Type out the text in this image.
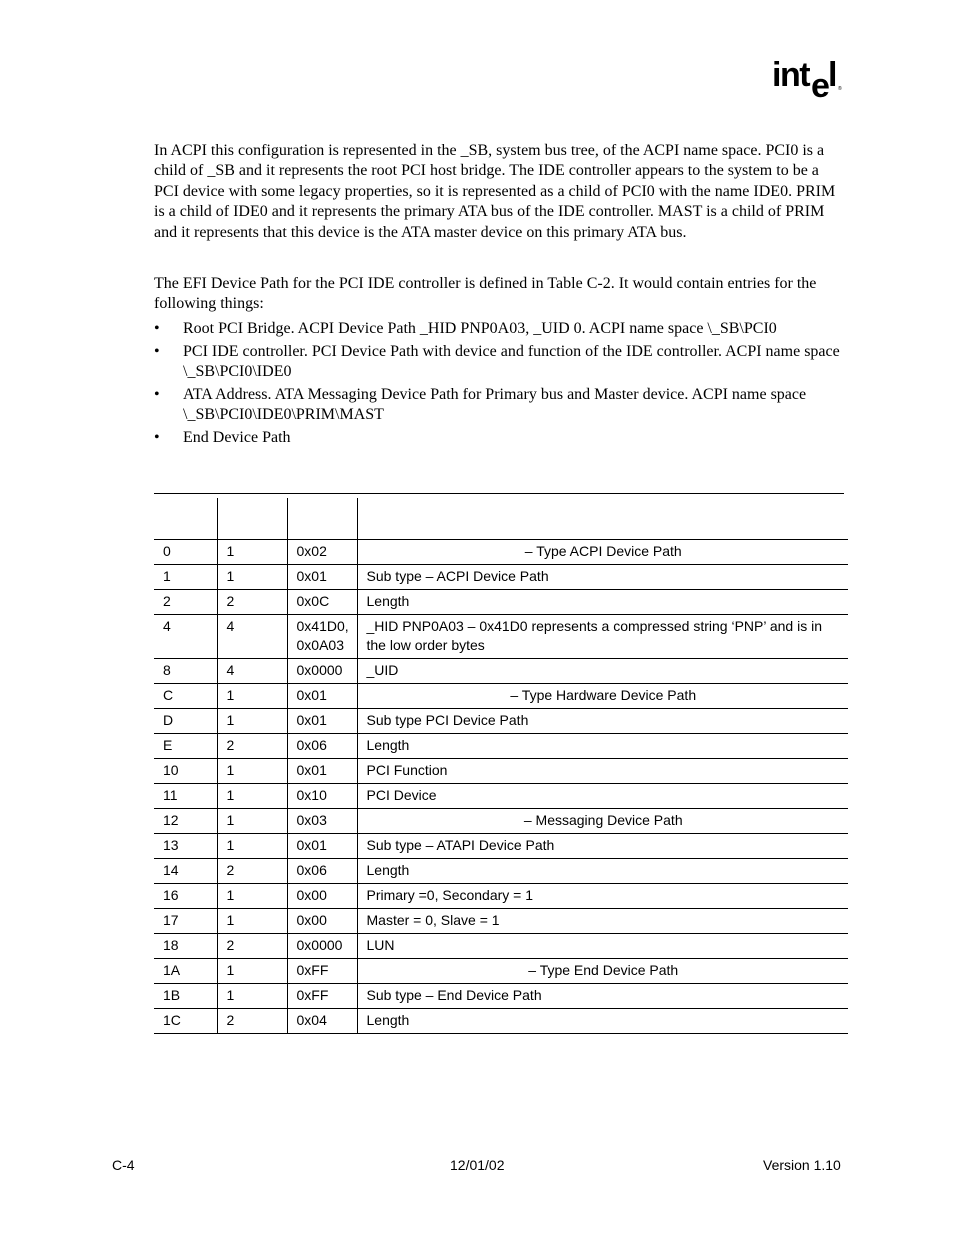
int e
l ®

In ACPI this configuration is represented in the _SB, system bus tree, of the ACPI name space. PCI0 is a child of _SB and it represents the root PCI host bridge. The IDE controller appears to the system to be a PCI device with some legacy properties, so it is represented as a child of PCI0 with the name IDE0. PRIM is a child of IDE0 and it represents the primary ATA bus of the IDE controller. MAST is a child of PRIM and it represents that this device is the ATA master device on this primary ATA bus.

The EFI Device Path for the PCI IDE controller is defined in Table C-2. It would contain entries for the following things:

• Root PCI Bridge. ACPI Device Path _HID PNP0A03, _UID 0. ACPI name space \_SB\PCI0
• PCI IDE controller. PCI Device Path with device and function of the IDE controller. ACPI name space \_SB\PCI0\IDE0
• ATA Address. ATA Messaging Device Path for Primary bus and Master device. ACPI name space \_SB\PCI0\IDE0\PRIM\MAST
• End Device Path

0	1	0x02	– Type ACPI Device Path
1	1	0x01	Sub type – ACPI Device Path
2	2	0x0C	Length
4	4	0x41D0, 0x0A03	_HID PNP0A03 – 0x41D0 represents a compressed string ‘PNP’ and is in the low order bytes
8	4	0x0000	_UID
C	1	0x01	– Type Hardware Device Path
D	1	0x01	Sub type PCI Device Path
E	2	0x06	Length
10	1	0x01	PCI Function
11	1	0x10	PCI Device
12	1	0x03	– Messaging Device Path
13	1	0x01	Sub type – ATAPI Device Path
14	2	0x06	Length
16	1	0x00	Primary =0, Secondary = 1
17	1	0x00	Master = 0, Slave = 1
18	2	0x0000	LUN
1A	1	0xFF	– Type End Device Path
1B	1	0xFF	Sub type – End Device Path
1C	2	0x04	Length
C-4	12/01/02	Version 1.10
